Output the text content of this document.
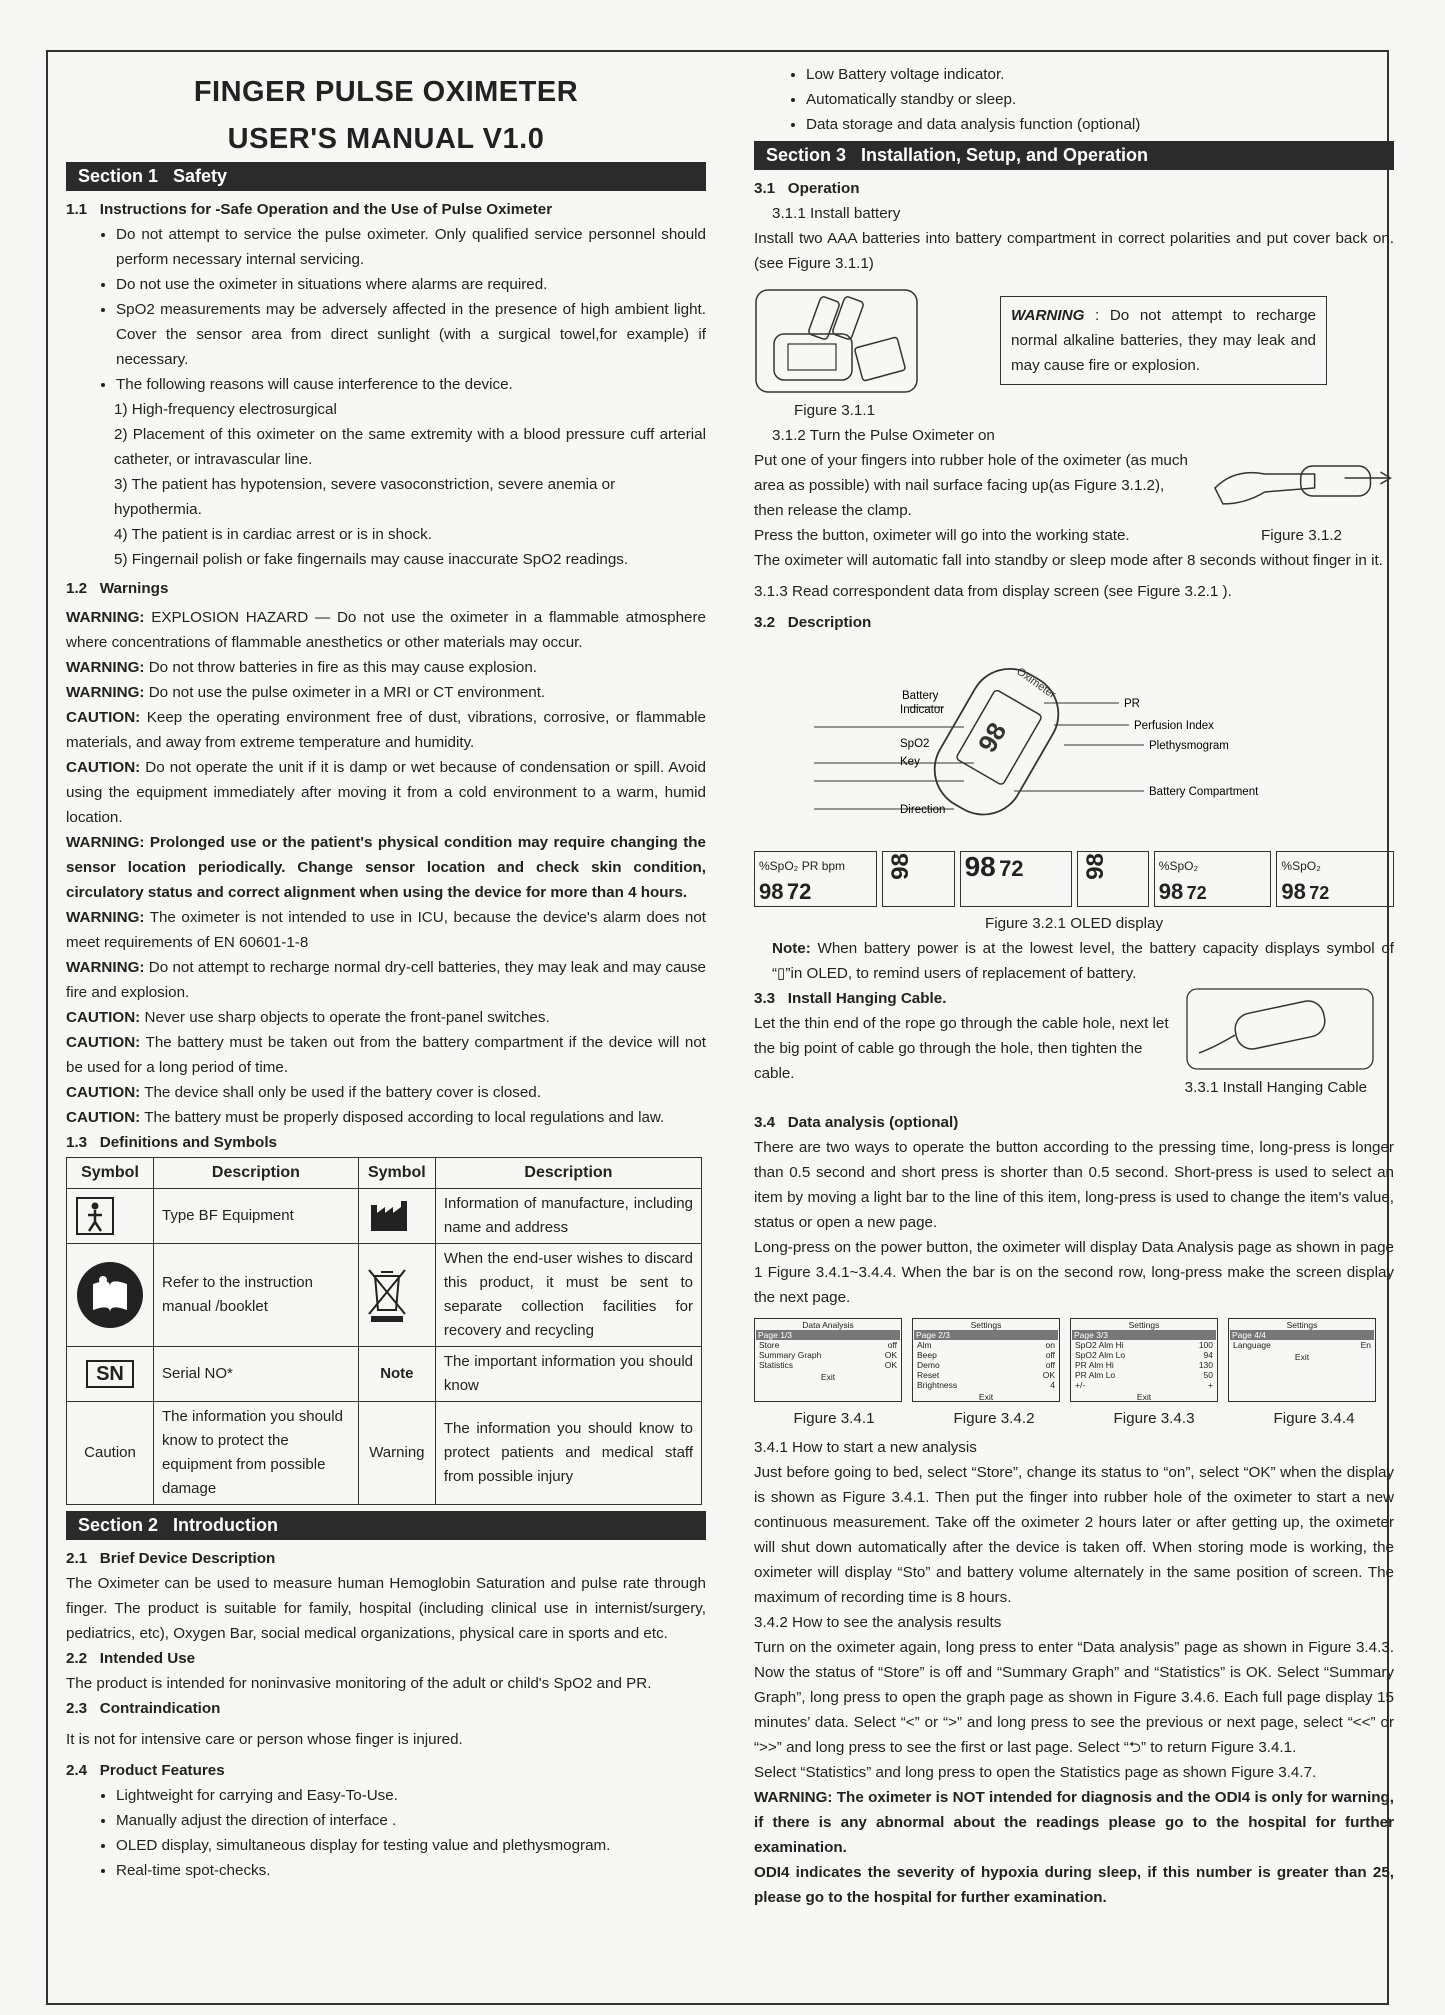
FINGER PULSE OXIMETER
USER'S MANUAL V1.0
Section 1   Safety

1.1   Instructions for -Safe Operation and the Use of Pulse Oximeter

• Do not attempt to service the pulse oximeter. Only qualified service personnel should perform necessary internal servicing.
• Do not use the oximeter in situations where alarms are required.
• SpO2 measurements may be adversely affected in the presence of high ambient light. Cover the sensor area from direct sunlight (with a surgical towel,for example) if necessary.
• The following reasons will cause interference to the device.

1) High-frequency electrosurgical

2) Placement of this oximeter on the same extremity with a blood pressure cuff arterial catheter, or intravascular line.

3) The patient has hypotension, severe vasoconstriction, severe anemia or hypothermia.

4) The patient is in cardiac arrest or is in shock.

5) Fingernail polish or fake fingernails may cause inaccurate SpO2 readings.

1.2   Warnings

WARNING: EXPLOSION HAZARD — Do not use the oximeter in a flammable atmosphere where concentrations of flammable anesthetics or other materials may occur.

WARNING: Do not throw batteries in fire as this may cause explosion.

WARNING: Do not use the pulse oximeter in a MRI or CT environment.

CAUTION: Keep the operating environment free of dust, vibrations, corrosive, or flammable materials, and away from extreme temperature and humidity.

CAUTION: Do not operate the unit if it is damp or wet because of condensation or spill. Avoid using the equipment immediately after moving it from a cold environment to a warm, humid location.

WARNING: Prolonged use or the patient's physical condition may require changing the sensor location periodically. Change sensor location and check skin condition, circulatory status and correct alignment when using the device for more than 4 hours.

WARNING: The oximeter is not intended to use in ICU, because the device's alarm does not meet requirements of EN 60601-1-8

WARNING: Do not attempt to recharge normal dry-cell batteries, they may leak and may cause fire and explosion.

CAUTION: Never use sharp objects to operate the front-panel switches.

CAUTION: The battery must be taken out from the battery compartment if the device will not be used for a long period of time.

CAUTION: The device shall only be used if the battery cover is closed.

CAUTION: The battery must be properly disposed according to local regulations and law.

1.3   Definitions and Symbols

Symbol	Description	Symbol	Description

	Type BF Equipment		Information of manufacture, including name and address

	Refer to the instruction manual /booklet		When the end-user wishes to discard this product, it must be sent to separate collection facilities for recovery and recycling
SN	Serial NO*	Note	The important information you should know
Caution	The information you should know to protect the equipment from possible damage	Warning	The information you should know to protect patients and medical staff from possible injury
Section 2   Introduction

2.1   Brief Device Description

The Oximeter can be used to measure human Hemoglobin Saturation and pulse rate through finger. The product is suitable for family, hospital (including clinical use in internist/surgery, pediatrics, etc), Oxygen Bar, social medical organizations, physical care in sports and etc.

2.2   Intended Use

The product is intended for noninvasive monitoring of the adult or child's SpO2 and PR.

2.3   Contraindication

It is not for intensive care or person whose finger is injured.

2.4   Product Features

• Lightweight for carrying and Easy-To-Use.
• Manually adjust the direction of interface .
• OLED display, simultaneous display for testing value and plethysmogram.
• Real-time spot-checks.
• Low Battery voltage indicator.
• Automatically standby or sleep.
• Data storage and data analysis function (optional)
Section 3   Installation, Setup, and Operation

3.1   Operation

3.1.1 Install battery

Install two AAA batteries into battery compartment in correct polarities and put cover back on. (see Figure 3.1.1)

Figure 3.1.1

WARNING : Do not attempt to recharge normal alkaline batteries, they may leak and may cause fire or explosion.

3.1.2 Turn the Pulse Oximeter on

Put one of your fingers into rubber hole of the oximeter (as much area as possible) with nail surface facing up(as Figure 3.1.2), then release the clamp.

Press the button, oximeter will go into the working state.	Figure 3.1.2

The oximeter will automatic fall into standby or sleep mode after 8 seconds without finger in it.

3.1.3 Read correspondent data from display screen (see Figure 3.2.1 ).

3.2   Description

98
Oximeter
Battery
Indicator
SpO2
Key
Direction
PR
Perfusion Index
Plethysmogram
Battery Compartment
%SpO₂ PR bpm
98 72
98	98 72	98	%SpO₂
98 72
%SpO₂
98 72

Figure 3.2.1 OLED display

Note: When battery power is at the lowest level, the battery capacity displays symbol of “▯”in OLED, to remind users of replacement of battery.

3.3   Install Hanging Cable.

Let the thin end of the rope go through the cable hole, next let the big point of cable go through the hole, then tighten the cable.

3.3.1 Install Hanging Cable

3.4   Data analysis (optional)

There are two ways to operate the button according to the pressing time, long-press is longer than 0.5 second and short press is shorter than 0.5 second. Short-press is used to select an item by moving a light bar to the line of this item, long-press is used to change the item's value, status or open a new page.

Long-press on the power button, the oximeter will display Data Analysis page as shown in page 1 Figure 3.4.1~3.4.4. When the bar is on the second row, long-press make the screen display the next page.

Data Analysis
Page 1/3
Store	off
Summary Graph	OK
Statistics	OK
Exit
Settings
Page 2/3
Alm	on
Beep	off
Demo	off
Reset	OK
Brightness	4
Exit
Settings
Page 3/3
SpO2 Alm Hi	100
SpO2 Alm Lo	94
PR Alm Hi	130
PR Alm Lo	50
+/-	+
Exit
Settings
Page 4/4
Language	En
Exit
Figure 3.4.1	Figure 3.4.2	Figure 3.4.3	Figure 3.4.4

3.4.1 How to start a new analysis

Just before going to bed, select “Store”, change its status to “on”, select “OK” when the display is shown as Figure 3.4.1. Then put the finger into rubber hole of the oximeter to start a new continuous measurement. Take off the oximeter 2 hours later or after getting up, the oximeter will shut down automatically after the device is taken off. When storing mode is working, the oximeter will display “Sto” and battery volume alternately in the same position of screen. The maximum of recording time is 8 hours.

3.4.2 How to see the analysis results

Turn on the oximeter again, long press to enter “Data analysis” page as shown in Figure 3.4.3. Now the status of “Store” is off and “Summary Graph” and “Statistics” is OK. Select “Summary Graph”, long press to open the graph page as shown in Figure 3.4.6. Each full page display 15 minutes’ data. Select “<” or “>” and long press to see the previous or next page, select “<<” or “>>” and long press to see the first or last page. Select “⮌” to return Figure 3.4.1.

Select “Statistics” and long press to open the Statistics page as shown Figure 3.4.7.

WARNING: The oximeter is NOT intended for diagnosis and the ODI4 is only for warning, if there is any abnormal about the readings please go to the hospital for further examination.

ODI4 indicates the severity of hypoxia during sleep, if this number is greater than 25, please go to the hospital for further examination.
